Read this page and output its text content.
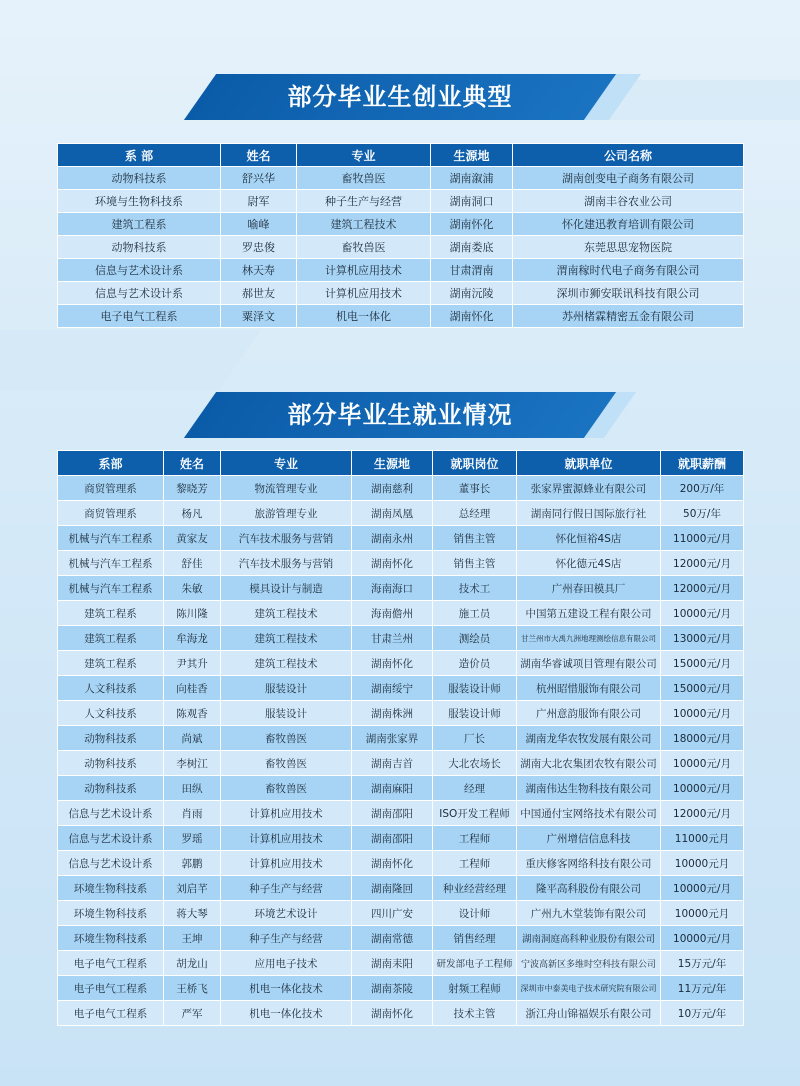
部分毕业生创业典型
系 部	姓名	专业	生源地	公司名称
动物科技系	舒兴华	畜牧兽医	湖南溆浦	湖南创变电子商务有限公司
环境与生物科技系	尉军	种子生产与经营	湖南洞口	湖南丰谷农业公司
建筑工程系	喻峰	建筑工程技术	湖南怀化	怀化建迅教育培训有限公司
动物科技系	罗忠俊	畜牧兽医	湖南娄底	东莞思思宠物医院
信息与艺术设计系	林天寿	计算机应用技术	甘肃渭南	渭南稼时代电子商务有限公司
信息与艺术设计系	郝世友	计算机应用技术	湖南沅陵	深圳市狮安联讯科技有限公司
电子电气工程系	粟泽文	机电一体化	湖南怀化	苏州楮霖精密五金有限公司
部分毕业生就业情况
系部	姓名	专业	生源地	就职岗位	就职单位	就职薪酬
商贸管理系	黎晓芳	物流管理专业	湖南慈利	董事长	张家界蜜源蜂业有限公司	200万/年
商贸管理系	杨凡	旅游管理专业	湖南凤凰	总经理	湖南同行假日国际旅行社	50万/年
机械与汽车工程系	黄家友	汽车技术服务与营销	湖南永州	销售主管	怀化恒裕4S店	11000元/月
机械与汽车工程系	舒佳	汽车技术服务与营销	湖南怀化	销售主管	怀化德元4S店	12000元/月
机械与汽车工程系	朱敏	模具设计与制造	海南海口	技术工	广州春田模具厂	12000元/月
建筑工程系	陈川隆	建筑工程技术	海南儋州	施工员	中国第五建设工程有限公司	10000元/月
建筑工程系	牟海龙	建筑工程技术	甘肃兰州	测绘员	甘兰州市大禹九洲地理测绘信息有限公司	13000元/月
建筑工程系	尹其升	建筑工程技术	湖南怀化	造价员	湖南华睿诚项目管理有限公司	15000元/月
人文科技系	向桂香	服装设计	湖南绥宁	服装设计师	杭州昭惜服饰有限公司	15000元/月
人文科技系	陈观香	服装设计	湖南株洲	服装设计师	广州意韵服饰有限公司	10000元/月
动物科技系	尚斌	畜牧兽医	湖南张家界	厂长	湖南龙华农牧发展有限公司	18000元/月
动物科技系	李树江	畜牧兽医	湖南吉首	大北农场长	湖南大北农集团农牧有限公司	10000元/月
动物科技系	田纵	畜牧兽医	湖南麻阳	经理	湖南伟达生物科技有限公司	10000元/月
信息与艺术设计系	肖雨	计算机应用技术	湖南邵阳	ISO开发工程师	中国通付宝网络技术有限公司	12000元/月
信息与艺术设计系	罗瑶	计算机应用技术	湖南邵阳	工程师	广州增信信息科技	11000元月
信息与艺术设计系	郭鹏	计算机应用技术	湖南怀化	工程师	重庆修客网络科技有限公司	10000元月
环境生物科技系	刘启芊	种子生产与经营	湖南隆回	种业经营经理	隆平高科股份有限公司	10000元/月
环境生物科技系	蒋大琴	环境艺术设计	四川广安	设计师	广州九木堂装饰有限公司	10000元月
环境生物科技系	王坤	种子生产与经营	湖南常德	销售经理	湖南洞庭高科种业股份有限公司	10000元/月
电子电气工程系	胡龙山	应用电子技术	湖南耒阳	研发部电子工程师	宁波高新区多维时空科技有限公司	15万元/年
电子电气工程系	王桥飞	机电一体化技术	湖南茶陵	射频工程师	深圳市中泰美电子技术研究院有限公司	11万元/年
电子电气工程系	严军	机电一体化技术	湖南怀化	技术主管	浙江舟山锦福娱乐有限公司	10万元/年
